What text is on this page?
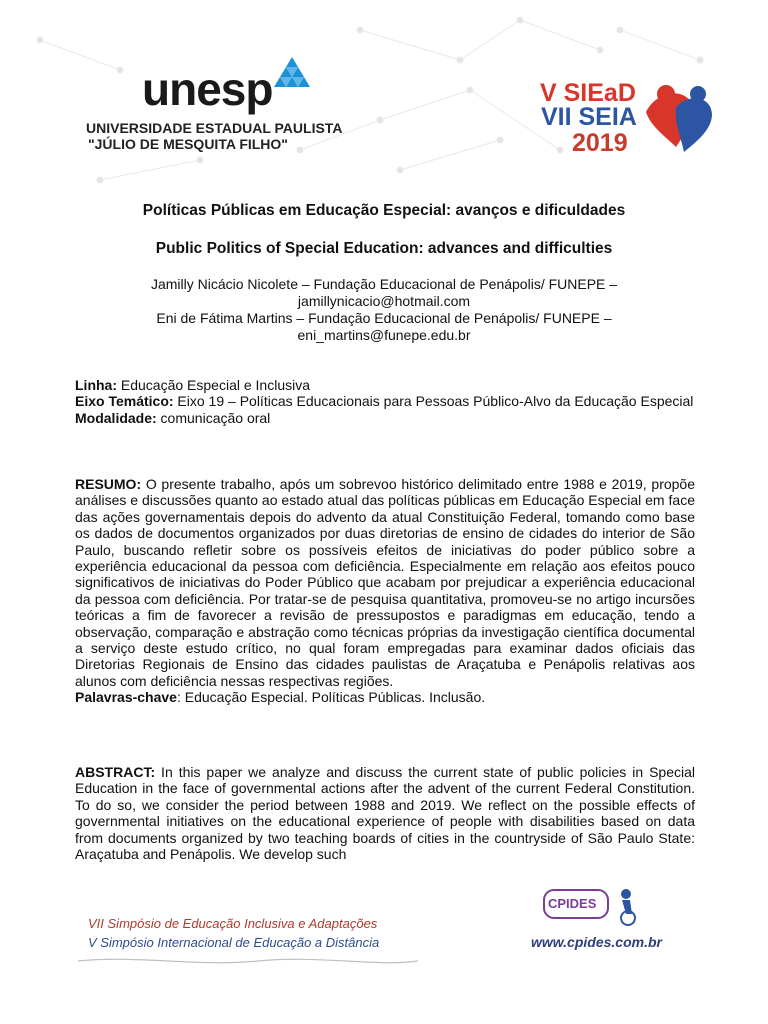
unesp
UNIVERSIDADE ESTADUAL PAULISTA
"JÚLIO DE MESQUITA FILHO"
V SIEaD
VII SEIA
2019
Políticas Públicas em Educação Especial: avanços e dificuldades
Public Politics of Special Education: advances and difficulties
Jamilly Nicácio Nicolete – Fundação Educacional de Penápolis/ FUNEPE –
jamillynicacio@hotmail.com
Eni de Fátima Martins – Fundação Educacional de Penápolis/ FUNEPE –
eni_martins@funepe.edu.br
Linha: Educação Especial e Inclusiva
Eixo Temático: Eixo 19 – Políticas Educacionais para Pessoas Público-Alvo da Educação Especial
Modalidade: comunicação oral
RESUMO: O presente trabalho, após um sobrevoo histórico delimitado entre 1988 e 2019, propõe análises e discussões quanto ao estado atual das políticas públicas em Educação Especial em face das ações governamentais depois do advento da atual Constituição Federal, tomando como base os dados de documentos organizados por duas diretorias de ensino de cidades do interior de São Paulo, buscando refletir sobre os possíveis efeitos de iniciativas do poder público sobre a experiência educacional da pessoa com deficiência. Especialmente em relação aos efeitos pouco significativos de iniciativas do Poder Público que acabam por prejudicar a experiência educacional da pessoa com deficiência. Por tratar-se de pesquisa quantitativa, promoveu-se no artigo incursões teóricas a fim de favorecer a revisão de pressupostos e paradigmas em educação, tendo a observação, comparação e abstração como técnicas próprias da investigação científica documental a serviço deste estudo crítico, no qual foram empregadas para examinar dados oficiais das Diretorias Regionais de Ensino das cidades paulistas de Araçatuba e Penápolis relativas aos alunos com deficiência nessas respectivas regiões.
Palavras-chave: Educação Especial. Políticas Públicas. Inclusão.
ABSTRACT: In this paper we analyze and discuss the current state of public policies in Special Education in the face of governmental actions after the advent of the current Federal Constitution. To do so, we consider the period between 1988 and 2019. We reflect on the possible effects of governmental initiatives on the educational experience of people with disabilities based on data from documents organized by two teaching boards of cities in the countryside of São Paulo State: Araçatuba and Penápolis. We develop such
VII Simpósio de Educação Inclusiva e Adaptações
V Simpósio Internacional de Educação a Distância
CPIDES
www.cpides.com.br
